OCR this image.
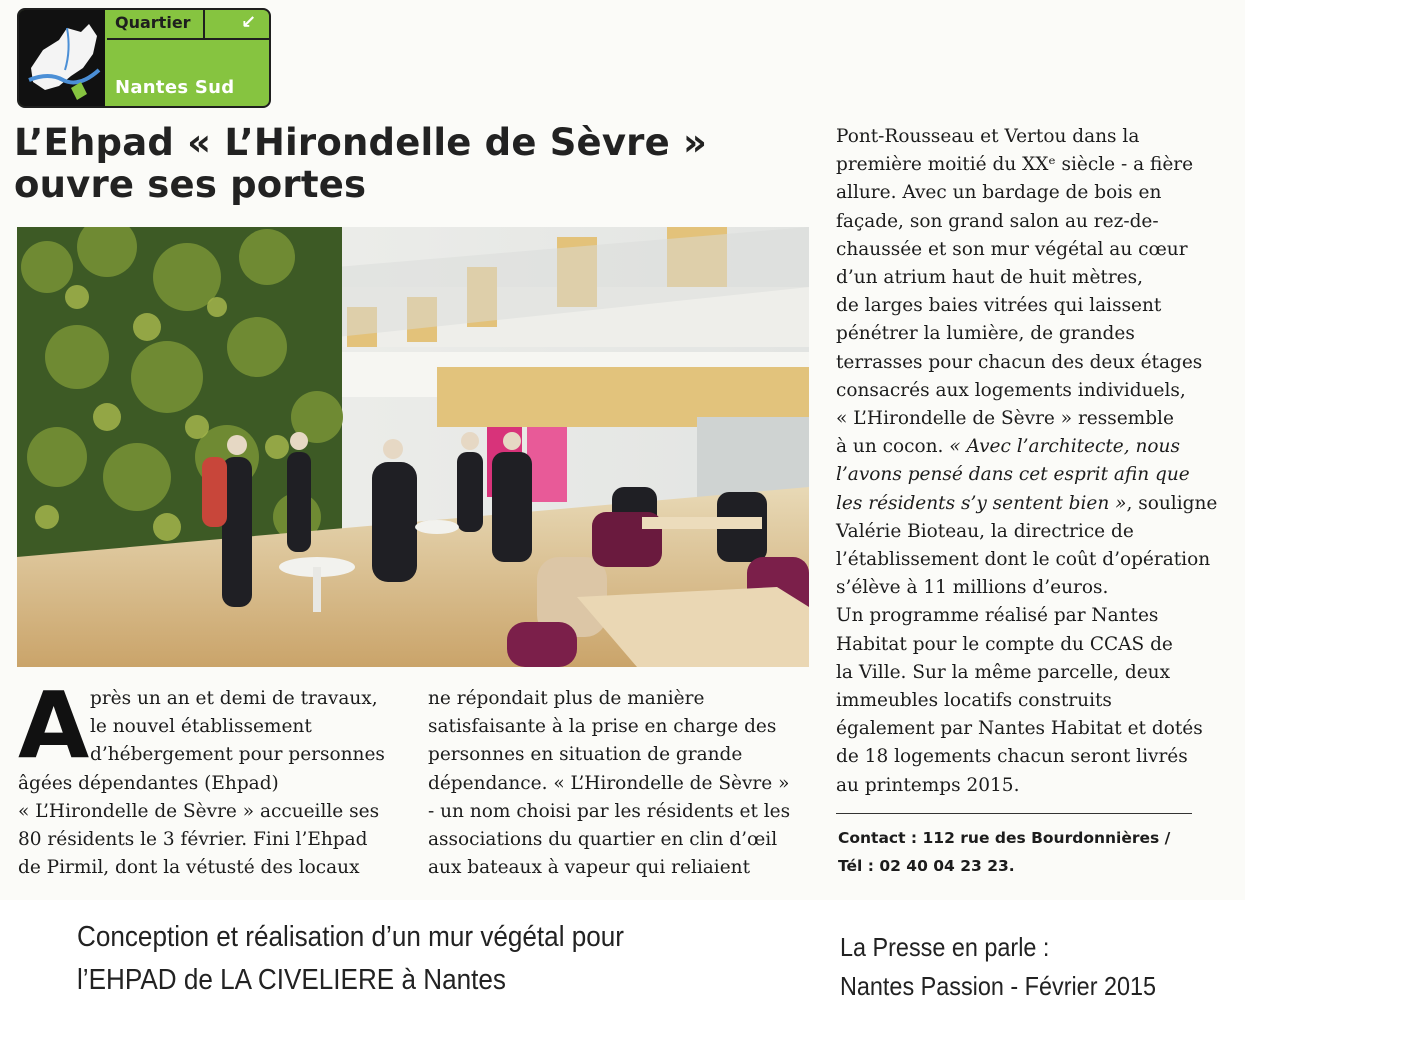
Quartier	↙
Nantes Sud
L’Ehpad « L’Hirondelle de Sèvre »
ouvre ses portes
A près un an et demi de travaux,
le nouvel établissement
d’hébergement pour personnes
âgées dépendantes (Ehpad)
« L’Hirondelle de Sèvre » accueille ses
80 résidents le 3 février. Fini l’Ehpad
de Pirmil, dont la vétusté des locaux

ne répondait plus de manière
satisfaisante à la prise en charge des
personnes en situation de grande
dépendance. « L’Hirondelle de Sèvre »
- un nom choisi par les résidents et les
associations du quartier en clin d’œil
aux bateaux à vapeur qui reliaient

Pont-Rousseau et Vertou dans la
première moitié du XXᵉ siècle - a fière
allure. Avec un bardage de bois en
façade, son grand salon au rez-de-
chaussée et son mur végétal au cœur
d’un atrium haut de huit mètres,
de larges baies vitrées qui laissent
pénétrer la lumière, de grandes
terrasses pour chacun des deux étages
consacrés aux logements individuels,
« L’Hirondelle de Sèvre » ressemble
à un cocon. « Avec l’architecte, nous
l’avons pensé dans cet esprit afin que
les résidents s’y sentent bien », souligne
Valérie Bioteau, la directrice de
l’établissement dont le coût d’opération
s’élève à 11 millions d’euros.
Un programme réalisé par Nantes
Habitat pour le compte du CCAS de
la Ville. Sur la même parcelle, deux
immeubles locatifs construits
également par Nantes Habitat et dotés
de 18 logements chacun seront livrés
au printemps 2015.

Contact : 112 rue des Bourdonnières /
Tél : 02 40 04 23 23.

Conception et réalisation d’un mur végétal pour
l’EHPAD de LA CIVELIERE à Nantes

La Presse en parle :
Nantes Passion - Février 2015
